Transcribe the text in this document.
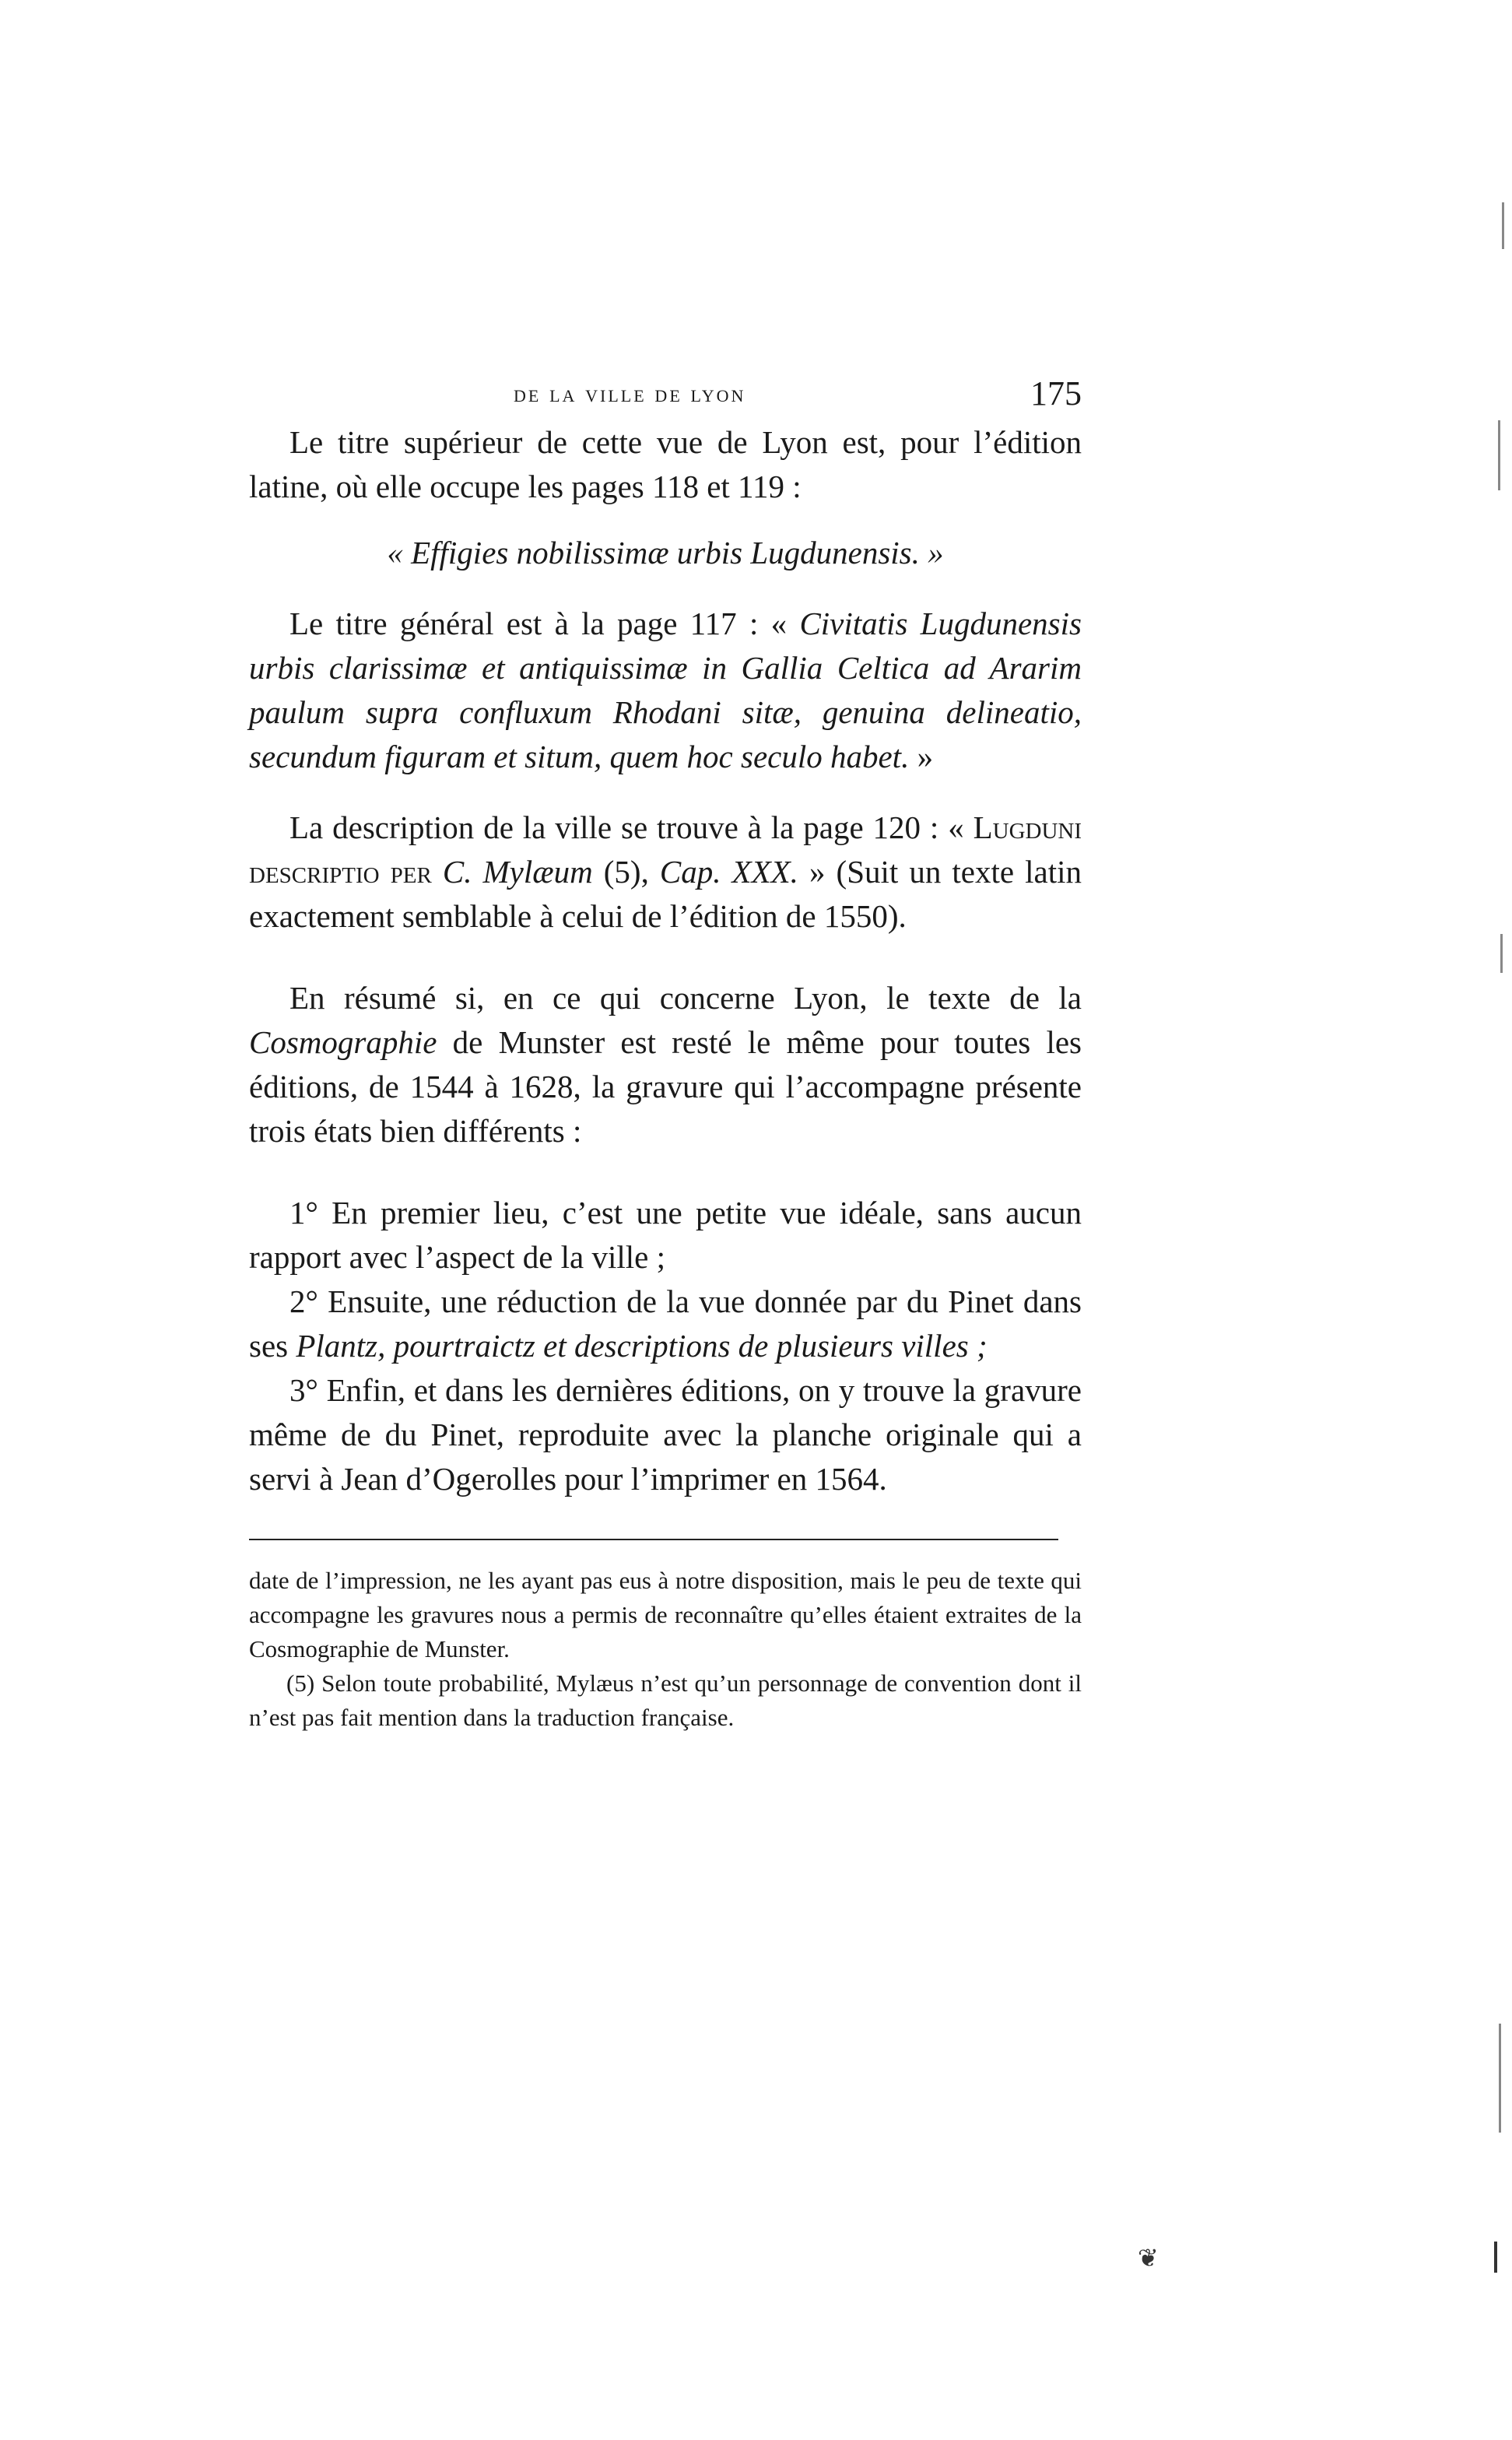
de la ville de lyon	175

Le titre supérieur de cette vue de Lyon est, pour l’édition latine, où elle occupe les pages 118 et 119 :

« Effigies nobilissimæ urbis Lugdunensis. »

Le titre général est à la page 117 : « Civitatis Lugdunensis urbis clarissimæ et antiquissimæ in Gallia Celtica ad Ararim paulum supra confluxum Rhodani sitæ, genuina delineatio, secundum figuram et situm, quem hoc seculo habet. »

La description de la ville se trouve à la page 120 : « Lugduni descriptio per C. Mylæum (5), Cap. XXX. » (Suit un texte latin exactement semblable à celui de l’édition de 1550).

En résumé si, en ce qui concerne Lyon, le texte de la Cosmographie de Munster est resté le même pour toutes les éditions, de 1544 à 1628, la gravure qui l’accompagne présente trois états bien différents :

1° En premier lieu, c’est une petite vue idéale, sans aucun rapport avec l’aspect de la ville ;

2° Ensuite, une réduction de la vue donnée par du Pinet dans ses Plantz, pourtraictz et descriptions de plusieurs villes ;

3° Enfin, et dans les dernières éditions, on y trouve la gravure même de du Pinet, reproduite avec la planche originale qui a servi à Jean d’Ogerolles pour l’imprimer en 1564.

date de l’impression, ne les ayant pas eus à notre disposition, mais le peu de texte qui accompagne les gravures nous a permis de reconnaître qu’elles étaient extraites de la Cosmographie de Munster.

(5) Selon toute probabilité, Mylæus n’est qu’un personnage de convention dont il n’est pas fait mention dans la traduction française.

❦
